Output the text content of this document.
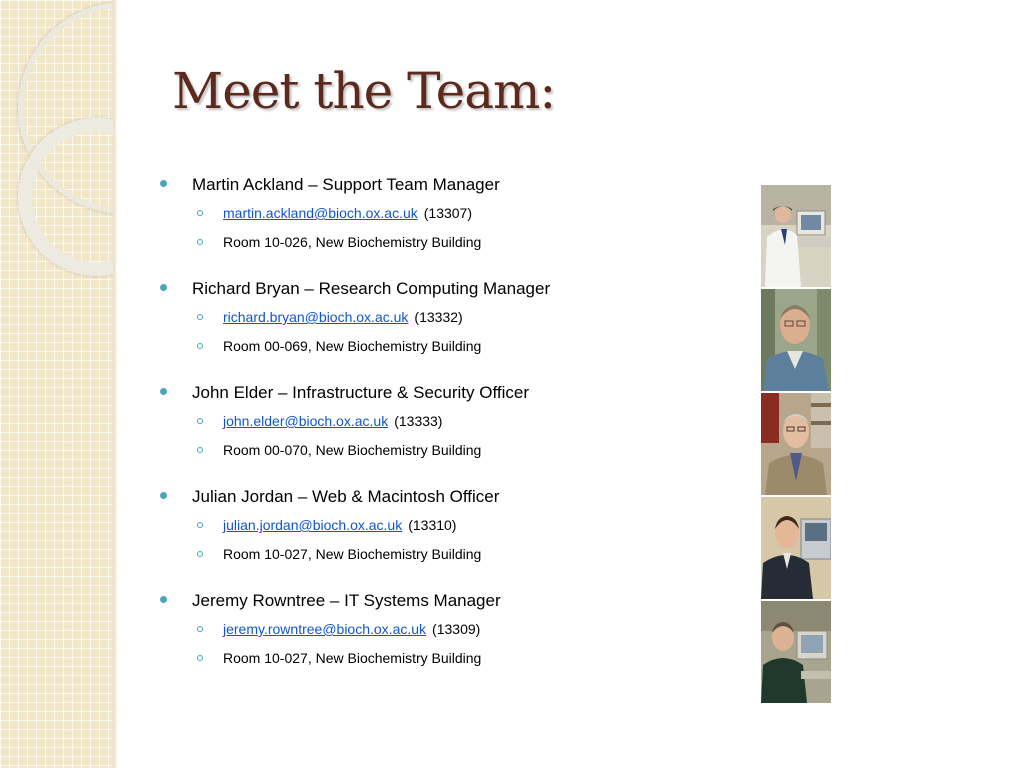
Meet the Team:
Martin Ackland – Support Team Manager
martin.ackland@bioch.ox.ac.uk (13307)
Room 10-026, New Biochemistry Building
Richard Bryan – Research Computing Manager
richard.bryan@bioch.ox.ac.uk (13332)
Room 00-069, New Biochemistry Building
John Elder – Infrastructure & Security Officer
john.elder@bioch.ox.ac.uk (13333)
Room 00-070, New Biochemistry Building
Julian Jordan – Web & Macintosh Officer
julian.jordan@bioch.ox.ac.uk (13310)
Room 10-027, New Biochemistry Building
Jeremy Rowntree – IT Systems Manager
jeremy.rowntree@bioch.ox.ac.uk (13309)
Room 10-027, New Biochemistry Building
